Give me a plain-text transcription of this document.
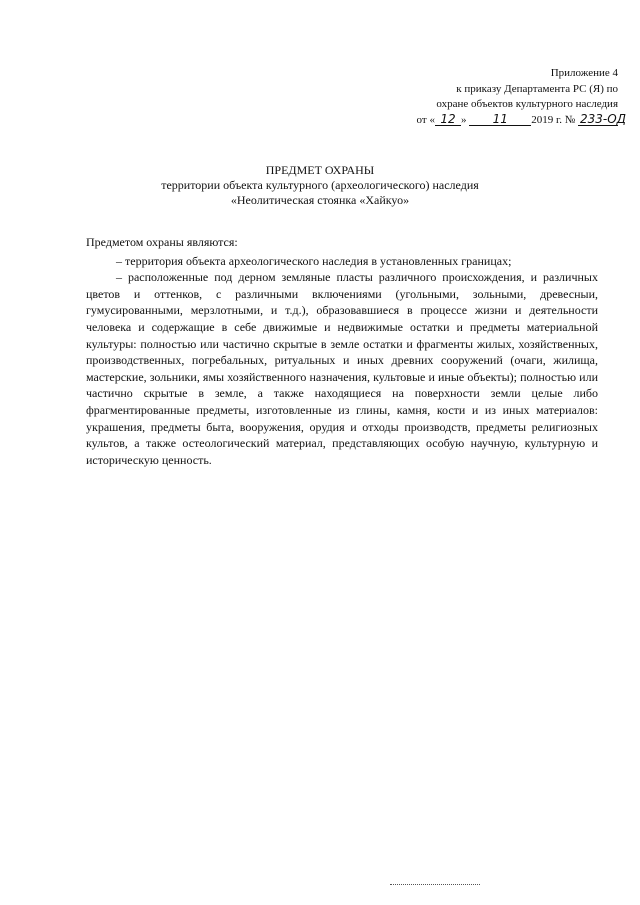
Приложение 4
к приказу Департамента РС (Я) по
охране объектов культурного наследия
от « 12 » 11 2019 г. № 233-ОД
ПРЕДМЕТ ОХРАНЫ
территории объекта культурного (археологического) наследия
«Неолитическая стоянка «Хайкуо»
Предметом охраны являются:

– территория объекта археологического наследия в установленных границах;

– расположенные под дерном земляные пласты различного происхождения, и различных цветов и оттенков, с различными включениями (угольными, зольными, древесныи, гумусированными, мерзлотными, и т.д.), образовавшиеся в процессе жизни и деятельности человека и содержащие в себе движимые и недвижимые остатки и предметы материальной культуры: полностью или частично скрытые в земле остатки и фрагменты жилых, хозяйственных, производственных, погребальных, ритуальных и иных древних сооружений (очаги, жилища, мастерские, зольники, ямы хозяйственного назначения, культовые и иные объекты); полностью или частично скрытые в земле, а также находящиеся на поверхности земли целые либо фрагментированные предметы, изготовленные из глины, камня, кости и из иных материалов: украшения, предметы быта, вооружения, орудия и отходы производств, предметы религиозных культов, а также остеологический материал, представляющих особую научную, культурную и историческую ценность.
